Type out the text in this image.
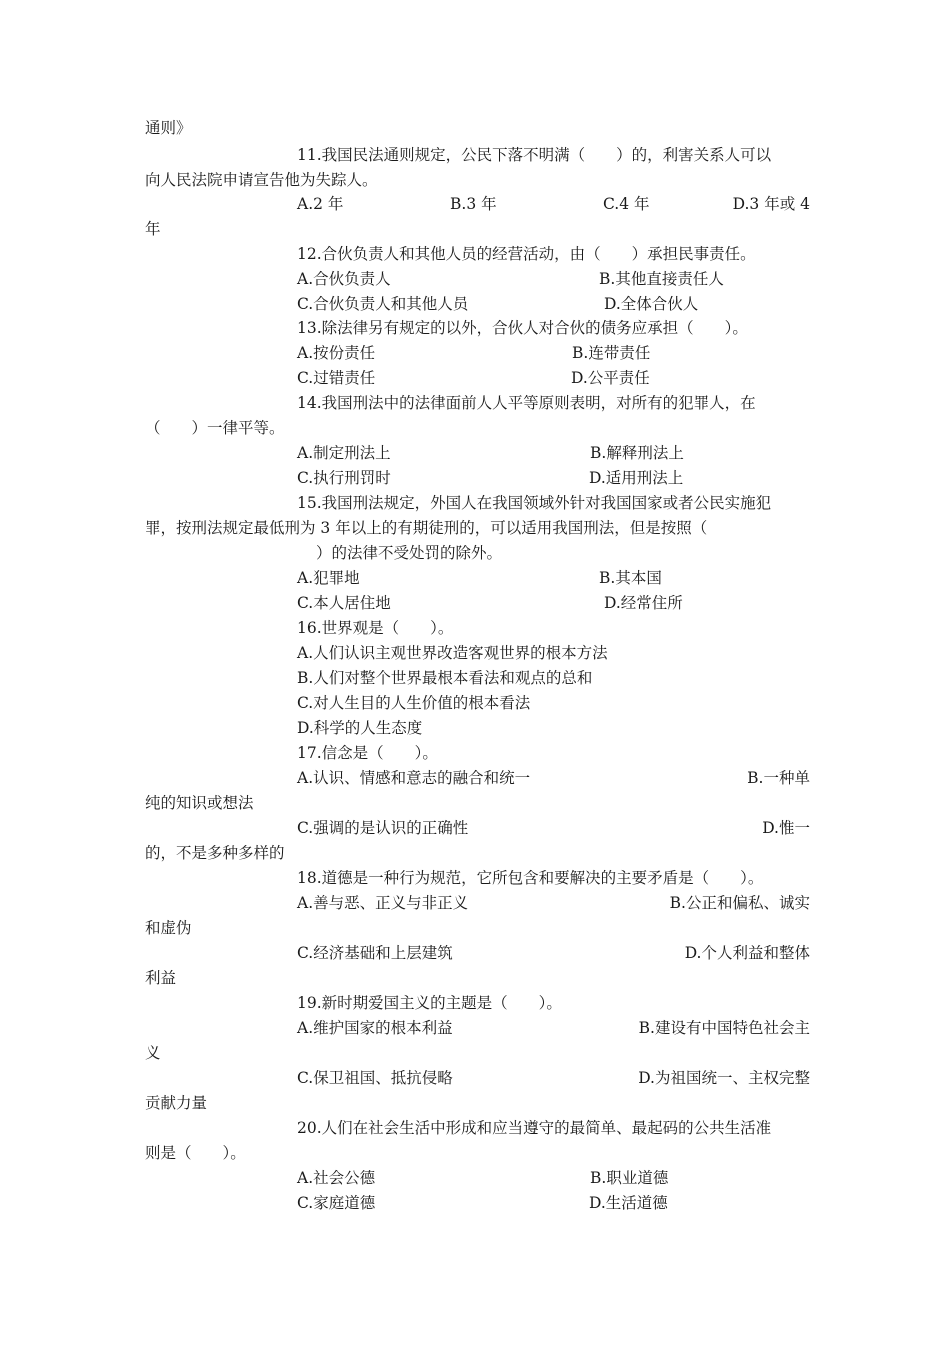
通则》
11.我国民法通则规定，公民下落不明满（　　）的，利害关系人可以
向人民法院申请宣告他为失踪人。
A.2 年	B.3 年	C.4 年	D.3 年或 4
年
12.合伙负责人和其他人员的经营活动，由（　　）承担民事责任。
A.合伙负责人	B.其他直接责任人
C.合伙负责人和其他人员	D.全体合伙人
13.除法律另有规定的以外，合伙人对合伙的债务应承担（　　）。
A.按份责任	B.连带责任
C.过错责任	D.公平责任
14.我国刑法中的法律面前人人平等原则表明，对所有的犯罪人，在
（　　）一律平等。
A.制定刑法上	B.解释刑法上
C.执行刑罚时	D.适用刑法上
15.我国刑法规定，外国人在我国领域外针对我国国家或者公民实施犯
罪，按刑法规定最低刑为 3 年以上的有期徒刑的，可以适用我国刑法，但是按照（
）的法律不受处罚的除外。
A.犯罪地	B.其本国
C.本人居住地	D.经常住所
16.世界观是（　　）。
A.人们认识主观世界改造客观世界的根本方法
B.人们对整个世界最根本看法和观点的总和
C.对人生目的人生价值的根本看法
D.科学的人生态度
17.信念是（　　）。
A.认识、情感和意志的融合和统一	B.一种单
纯的知识或想法
C.强调的是认识的正确性	D.惟一
的，不是多种多样的
18.道德是一种行为规范，它所包含和要解决的主要矛盾是（　　）。
A.善与恶、正义与非正义	B.公正和偏私、诚实
和虚伪
C.经济基础和上层建筑	D.个人利益和整体
利益
19.新时期爱国主义的主题是（　　）。
A.维护国家的根本利益	B.建设有中国特色社会主
义
C.保卫祖国、抵抗侵略	D.为祖国统一、主权完整
贡献力量
20.人们在社会生活中形成和应当遵守的最简单、最起码的公共生活准
则是（　　）。
A.社会公德	B.职业道德
C.家庭道德	D.生活道德
